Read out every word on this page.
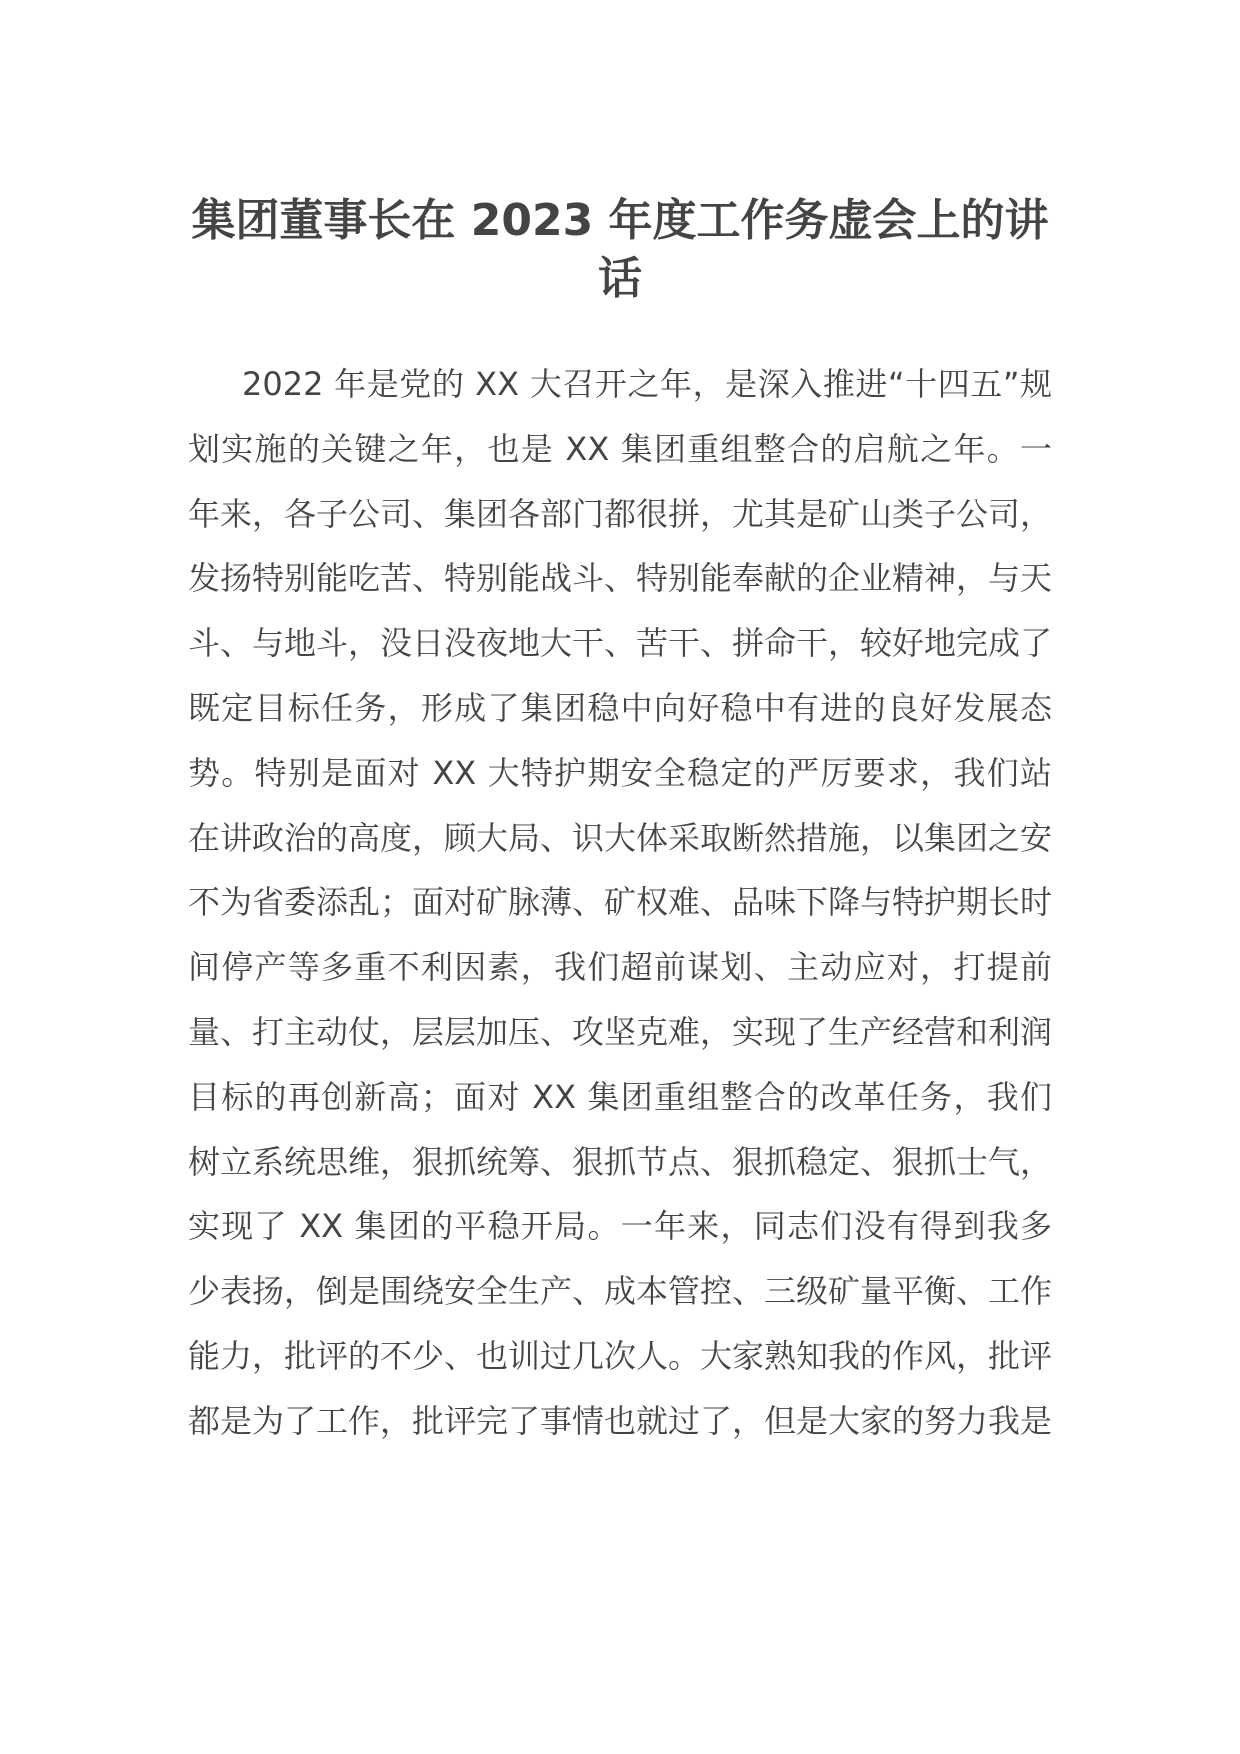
集团董事长在 2023 年度工作务虚会上的讲话

2022 年是党的 XX 大召开之年，是深入推进“十四五”规划实施的关键之年，也是 XX 集团重组整合的启航之年。一年来，各子公司、集团各部门都很拼，尤其是矿山类子公司，发扬特别能吃苦、特别能战斗、特别能奉献的企业精神，与天斗、与地斗，没日没夜地大干、苦干、拼命干，较好地完成了既定目标任务，形成了集团稳中向好稳中有进的良好发展态势。特别是面对 XX 大特护期安全稳定的严厉要求，我们站在讲政治的高度，顾大局、识大体采取断然措施，以集团之安不为省委添乱；面对矿脉薄、矿权难、品味下降与特护期长时间停产等多重不利因素，我们超前谋划、主动应对，打提前量、打主动仗，层层加压、攻坚克难，实现了生产经营和利润目标的再创新高；面对 XX 集团重组整合的改革任务，我们树立系统思维，狠抓统筹、狠抓节点、狠抓稳定、狠抓士气，实现了 XX 集团的平稳开局。一年来，同志们没有得到我多少表扬，倒是围绕安全生产、成本管控、三级矿量平衡、工作能力，批评的不少、也训过几次人。大家熟知我的作风，批评都是为了工作，批评完了事情也就过了，但是大家的努力我是
